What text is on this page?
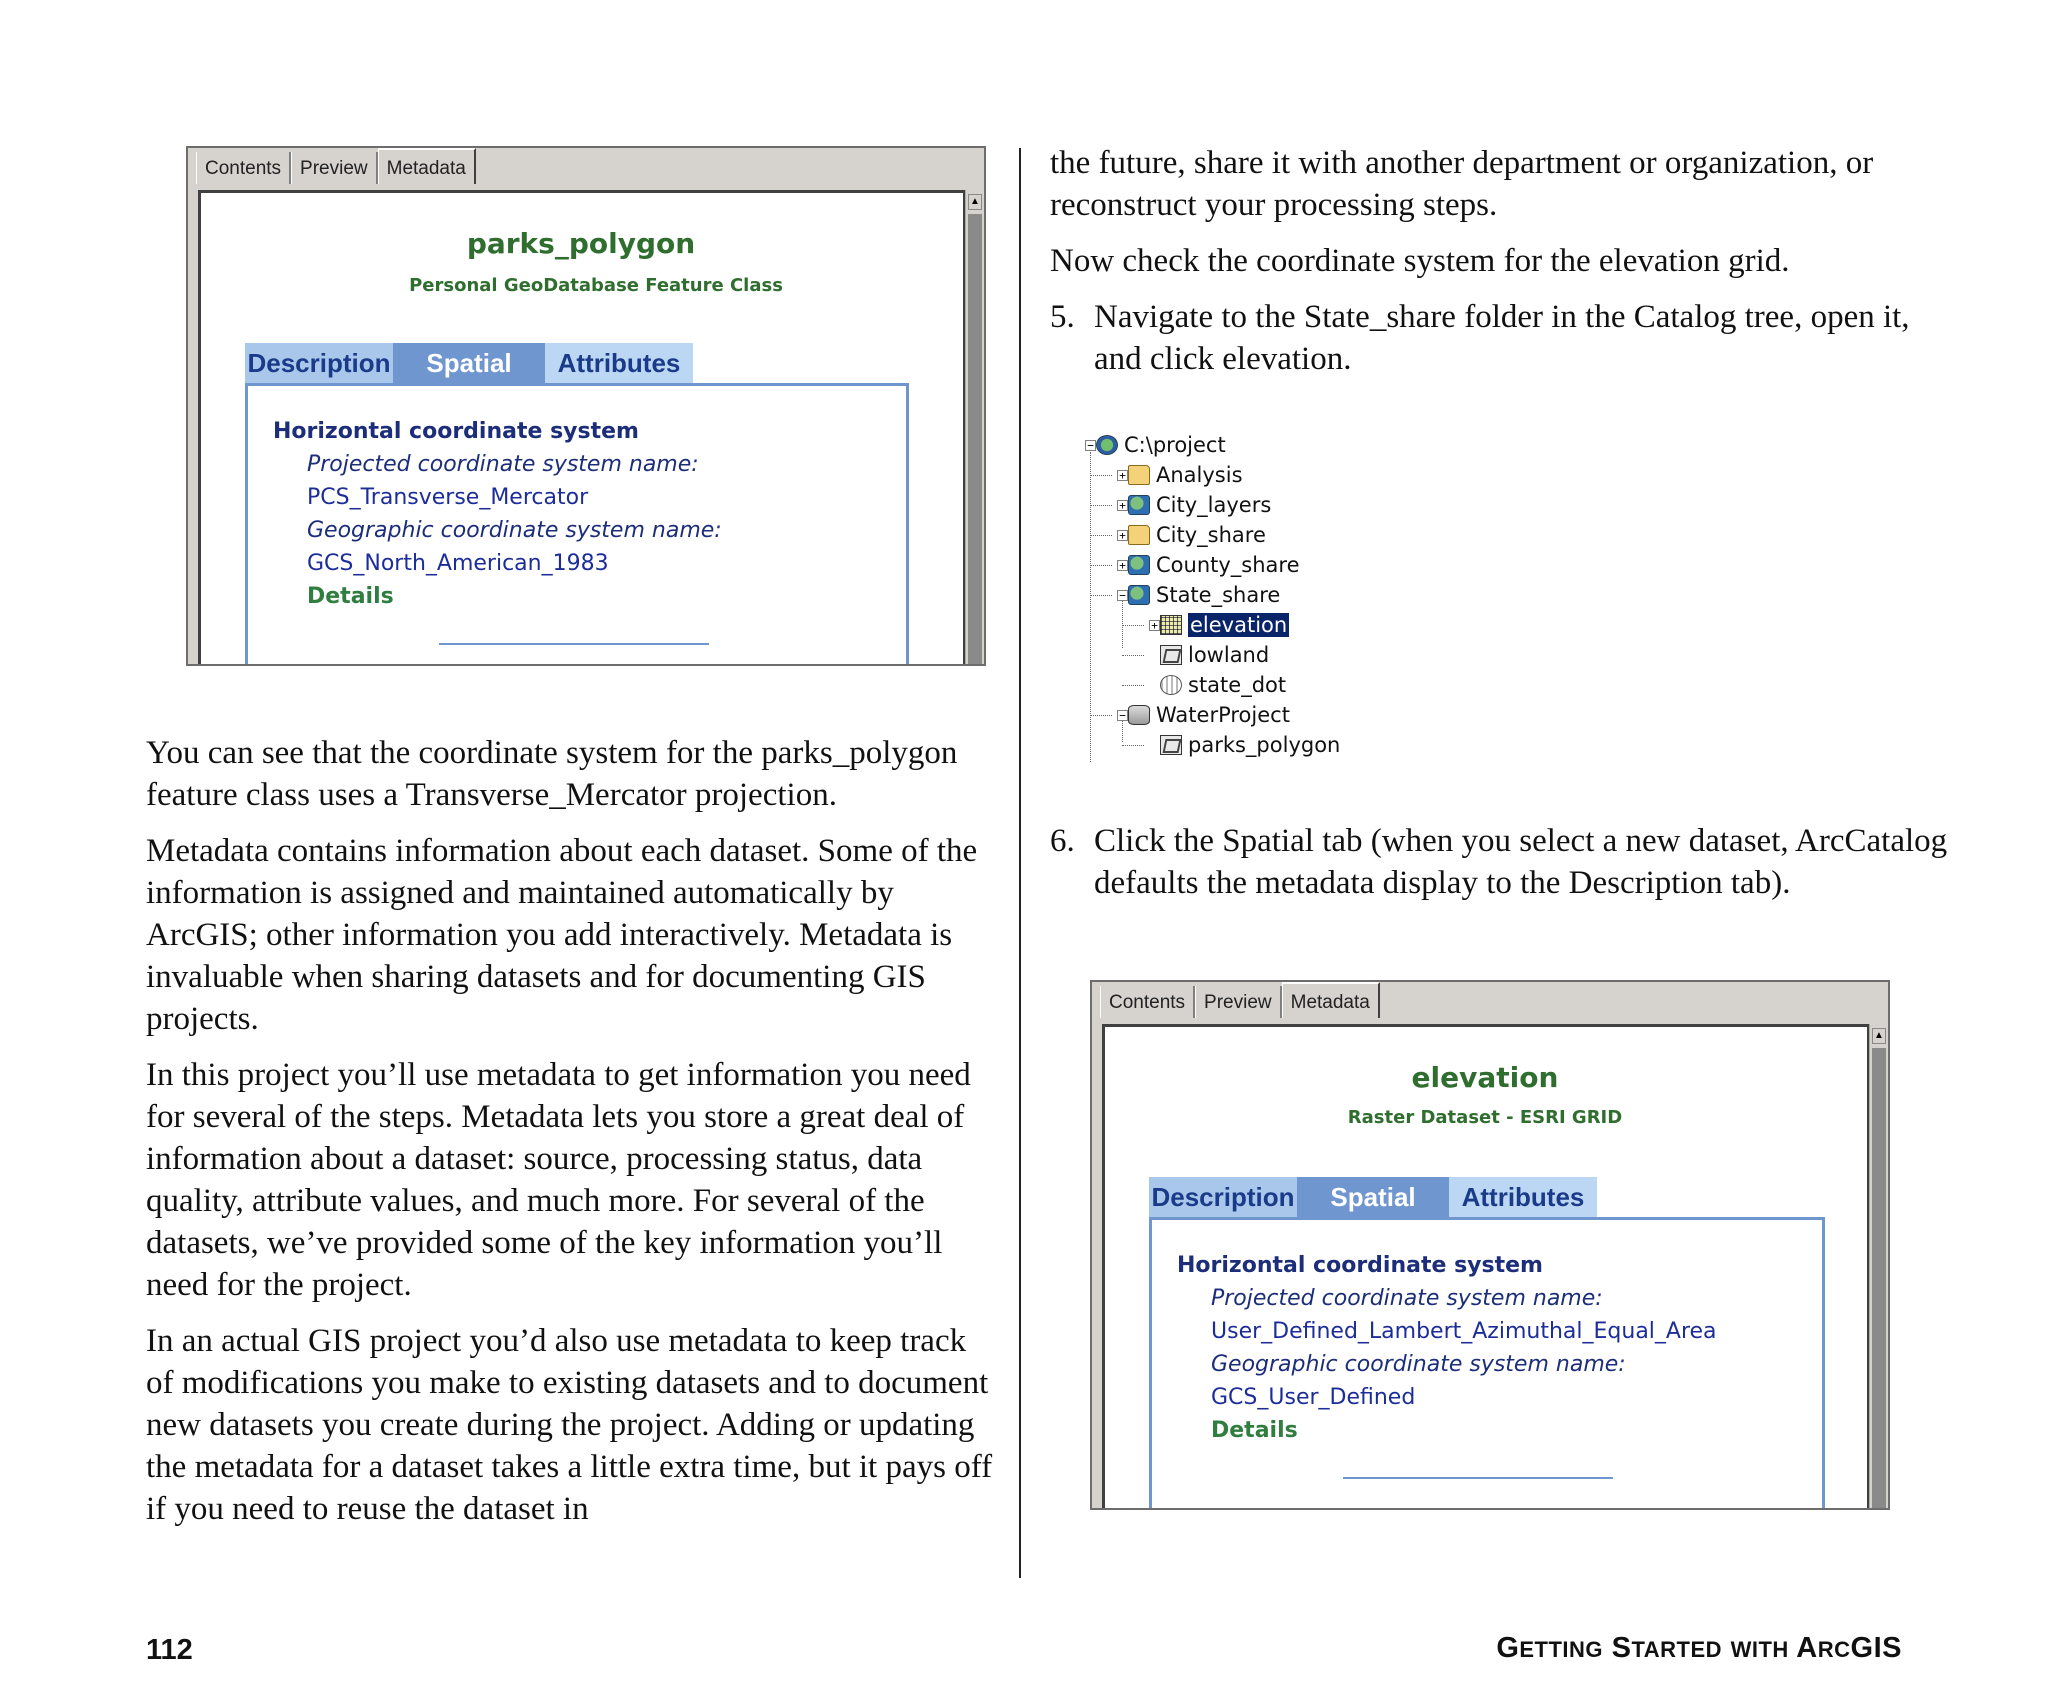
Contents	Preview	Metadata
parks_polygon
Personal GeoDatabase Feature Class
Description	Spatial	Attributes
Horizontal coordinate system
Projected coordinate system name:
PCS_Transverse_Mercator
Geographic coordinate system name:
GCS_North_American_1983
Details
▲

You can see that the coordinate system for the parks_polygon feature class uses a Transverse_Mercator projection.

Metadata contains information about each dataset. Some of the information is assigned and maintained automatically by ArcGIS; other information you add interactively. Metadata is invaluable when sharing datasets and for documenting GIS projects.

In this project you’ll use metadata to get information you need for several of the steps. Metadata lets you store a great deal of information about a dataset: source, processing status, data quality, attribute values, and much more. For several of the datasets, we’ve provided some of the key information you’ll need for the project.

In an actual GIS project you’d also use metadata to keep track of modifications you make to existing datasets and to document new datasets you create during the project. Adding or updating the metadata for a dataset takes a little extra time, but it pays off if you need to reuse the dataset in

the future, share it with another department or organization, or reconstruct your processing steps.

Now check the coordinate system for the elevation grid.

5. Navigate to the State_share folder in the Catalog tree, open it, and click elevation.
− C:\project
+ Analysis
+ City_layers
+ City_share
+ County_share
− State_share
+ elevation
lowland
state_dot
− WaterProject
parks_polygon
6. Click the Spatial tab (when you select a new dataset, ArcCatalog defaults the metadata display to the Description tab).
Contents	Preview	Metadata
elevation
Raster Dataset - ESRI GRID
Description	Spatial	Attributes
Horizontal coordinate system
Projected coordinate system name:
User_Defined_Lambert_Azimuthal_Equal_Area
Geographic coordinate system name:
GCS_User_Defined
Details
▲
112	GETTING STARTED WITH ARCGIS
